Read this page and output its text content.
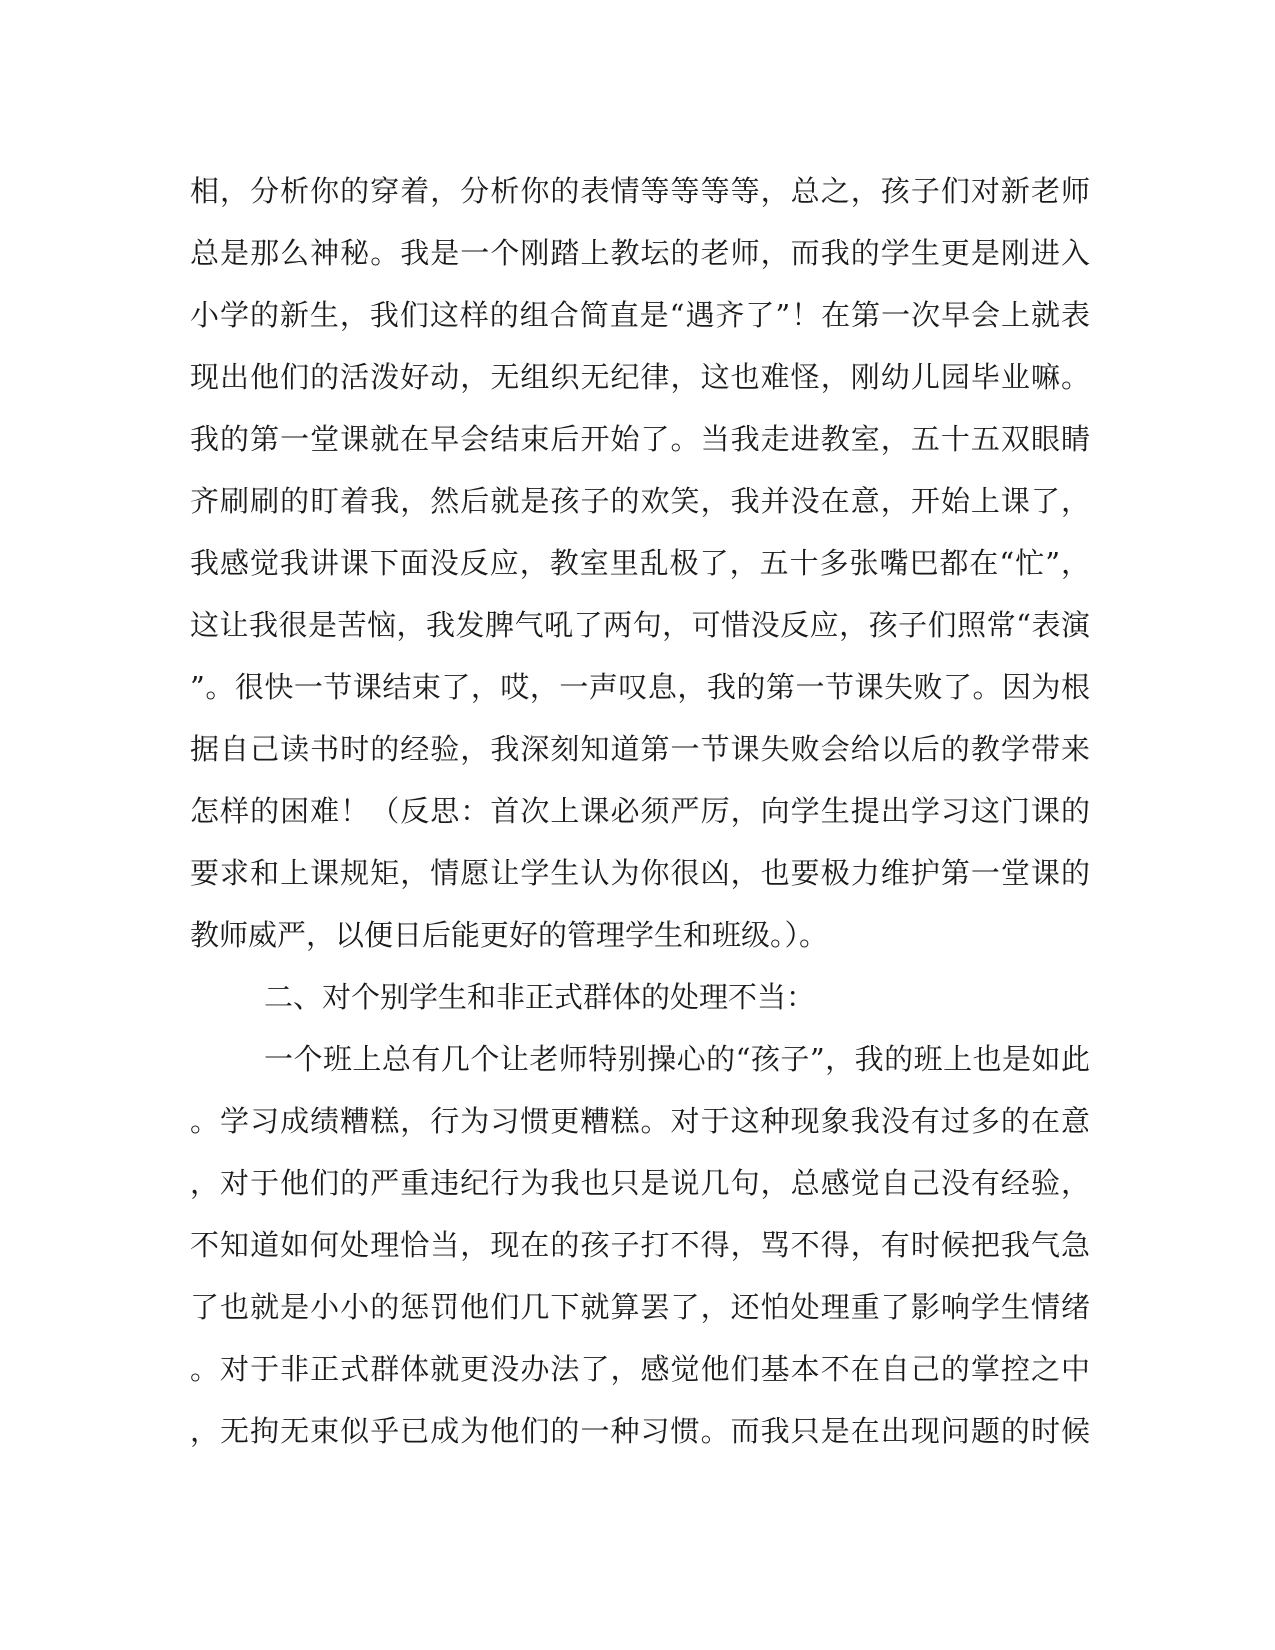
相，分析你的穿着，分析你的表情等等等等，总之，孩子们对新老师
总是那么神秘。我是一个刚踏上教坛的老师，而我的学生更是刚进入
小学的新生，我们这样的组合简直是“遇齐了”！在第一次早会上就表
现出他们的活泼好动，无组织无纪律，这也难怪，刚幼儿园毕业嘛。
我的第一堂课就在早会结束后开始了。当我走进教室，五十五双眼睛
齐刷刷的盯着我，然后就是孩子的欢笑，我并没在意，开始上课了，
我感觉我讲课下面没反应，教室里乱极了，五十多张嘴巴都在“忙”，
这让我很是苦恼，我发脾气吼了两句，可惜没反应，孩子们照常“表演
”。很快一节课结束了，哎，一声叹息，我的第一节课失败了。因为根
据自己读书时的经验，我深刻知道第一节课失败会给以后的教学带来
怎样的困难！（反思：首次上课必须严厉，向学生提出学习这门课的
要求和上课规矩，情愿让学生认为你很凶，也要极力维护第一堂课的
教师威严，以便日后能更好的管理学生和班级。）。
二、对个别学生和非正式群体的处理不当：
一个班上总有几个让老师特别操心的“孩子”，我的班上也是如此
。学习成绩糟糕，行为习惯更糟糕。对于这种现象我没有过多的在意
，对于他们的严重违纪行为我也只是说几句，总感觉自己没有经验，
不知道如何处理恰当，现在的孩子打不得，骂不得，有时候把我气急
了也就是小小的惩罚他们几下就算罢了，还怕处理重了影响学生情绪
。对于非正式群体就更没办法了，感觉他们基本不在自己的掌控之中
，无拘无束似乎已成为他们的一种习惯。而我只是在出现问题的时候
